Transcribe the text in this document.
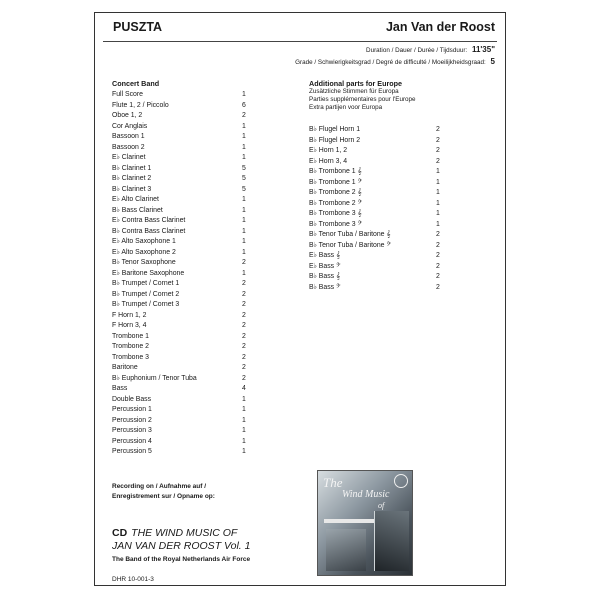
PUSZTA	Jan Van der Roost
Duration / Dauer / Durée / Tijdsduur: 11'35"
Grade / Schwierigkeitsgrad / Degré de difficulté / Moeilijkheidsgraad: 5
Concert Band
Full Score	1
Flute 1, 2 / Piccolo	6
Oboe 1, 2	2
Cor Anglais	1
Bassoon 1	1
Bassoon 2	1
E♭ Clarinet	1
B♭ Clarinet 1	5
B♭ Clarinet 2	5
B♭ Clarinet 3	5
E♭ Alto Clarinet	1
B♭ Bass Clarinet	1
E♭ Contra Bass Clarinet	1
B♭ Contra Bass Clarinet	1
E♭ Alto Saxophone 1	1
E♭ Alto Saxophone 2	1
B♭ Tenor Saxophone	2
E♭ Baritone Saxophone	1
B♭ Trumpet / Cornet 1	2
B♭ Trumpet / Cornet 2	2
B♭ Trumpet / Cornet 3	2
F Horn 1, 2	2
F Horn 3, 4	2
Trombone 1	2
Trombone 2	2
Trombone 3	2
Baritone	2
B♭ Euphonium / Tenor Tuba	2
Bass	4
Double Bass	1
Percussion 1	1
Percussion 2	1
Percussion 3	1
Percussion 4	1
Percussion 5	1
Additional parts for Europe
Zusätzliche Stimmen für Europa
Parties supplémentaires pour l'Europe
Extra partijen voor Europa
B♭ Flugel Horn 1	2
B♭ Flugel Horn 2	2
E♭ Horn 1, 2	2
E♭ Horn 3, 4	2
B♭ Trombone 1 𝄞	1
B♭ Trombone 1 𝄢	1
B♭ Trombone 2 𝄞	1
B♭ Trombone 2 𝄢	1
B♭ Trombone 3 𝄞	1
B♭ Trombone 3 𝄢	1
B♭ Tenor Tuba / Baritone 𝄞	2
B♭ Tenor Tuba / Baritone 𝄢	2
E♭ Bass 𝄞	2
E♭ Bass 𝄢	2
B♭ Bass 𝄞	2
B♭ Bass 𝄢	2
Recording on / Aufnahme auf /
Enregistrement sur / Opname op:
CD THE WIND MUSIC OF
JAN VAN DER ROOST Vol. 1
The Band of the Royal Netherlands Air Force
DHR 10-001-3
The
Wind Music
of
